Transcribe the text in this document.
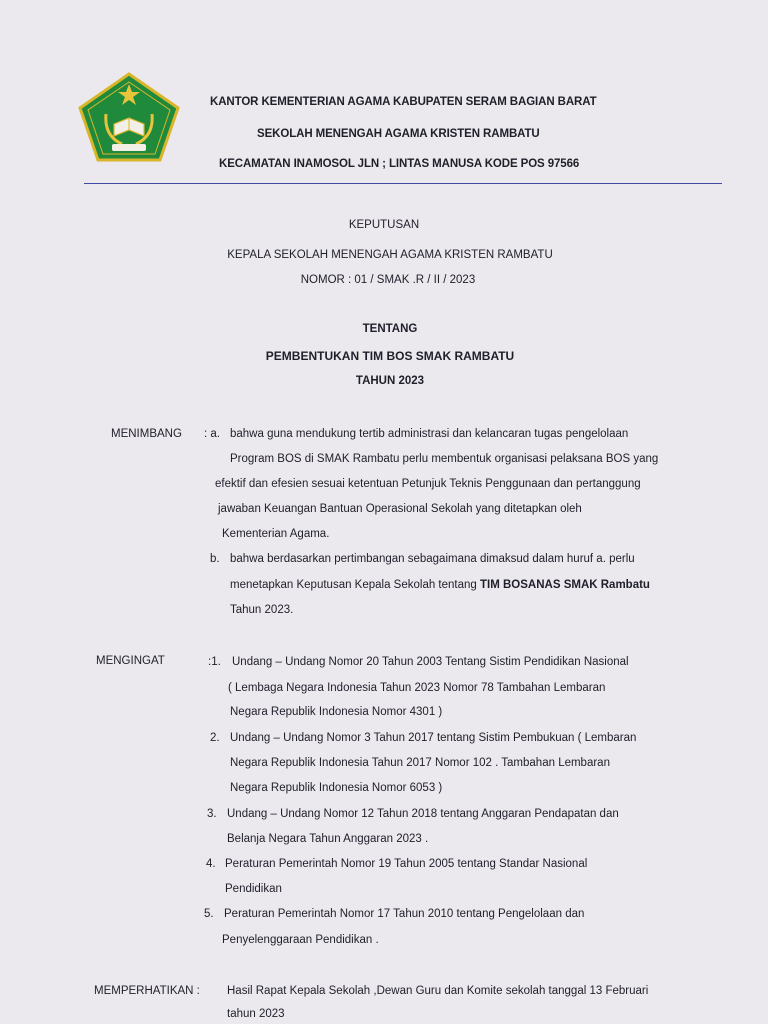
KANTOR KEMENTERIAN AGAMA KABUPATEN SERAM BAGIAN BARAT
SEKOLAH MENENGAH AGAMA KRISTEN RAMBATU
KECAMATAN INAMOSOL JLN ; LINTAS MANUSA KODE POS 97566
KEPUTUSAN
KEPALA SEKOLAH MENENGAH AGAMA KRISTEN RAMBATU
NOMOR : 01 / SMAK .R / II / 2023
TENTANG
PEMBENTUKAN TIM BOS SMAK RAMBATU
TAHUN 2023
MENIMBANG : a. bahwa guna mendukung tertib administrasi dan kelancaran tugas pengelolaan
Program BOS di SMAK Rambatu perlu membentuk organisasi pelaksana BOS yang
efektif dan efesien sesuai ketentuan Petunjuk Teknis Penggunaan dan pertanggung
jawaban Keuangan Bantuan Operasional Sekolah yang ditetapkan oleh
Kementerian Agama.
b. bahwa berdasarkan pertimbangan sebagaimana dimaksud dalam huruf a. perlu
menetapkan Keputusan Kepala Sekolah tentang TIM BOSANAS SMAK Rambatu
Tahun 2023.
MENGINGAT	:1. Undang – Undang Nomor 20 Tahun 2003 Tentang Sistim Pendidikan Nasional
( Lembaga Negara Indonesia Tahun 2023 Nomor 78 Tambahan Lembaran
Negara Republik Indonesia Nomor 4301 )
2. Undang – Undang Nomor 3 Tahun 2017 tentang Sistim Pembukuan ( Lembaran
Negara Republik Indonesia Tahun 2017 Nomor 102 . Tambahan Lembaran
Negara Republik Indonesia Nomor 6053 )
3. Undang – Undang Nomor 12 Tahun 2018 tentang Anggaran Pendapatan dan
Belanja Negara Tahun Anggaran 2023 .
4. Peraturan Pemerintah Nomor 19 Tahun 2005 tentang Standar Nasional
Pendidikan
5. Peraturan Pemerintah Nomor 17 Tahun 2010 tentang Pengelolaan dan
Penyelenggaraan Pendidikan .
MEMPERHATIKAN : Hasil Rapat Kepala Sekolah ,Dewan Guru dan Komite sekolah tanggal 13 Februari
tahun 2023
